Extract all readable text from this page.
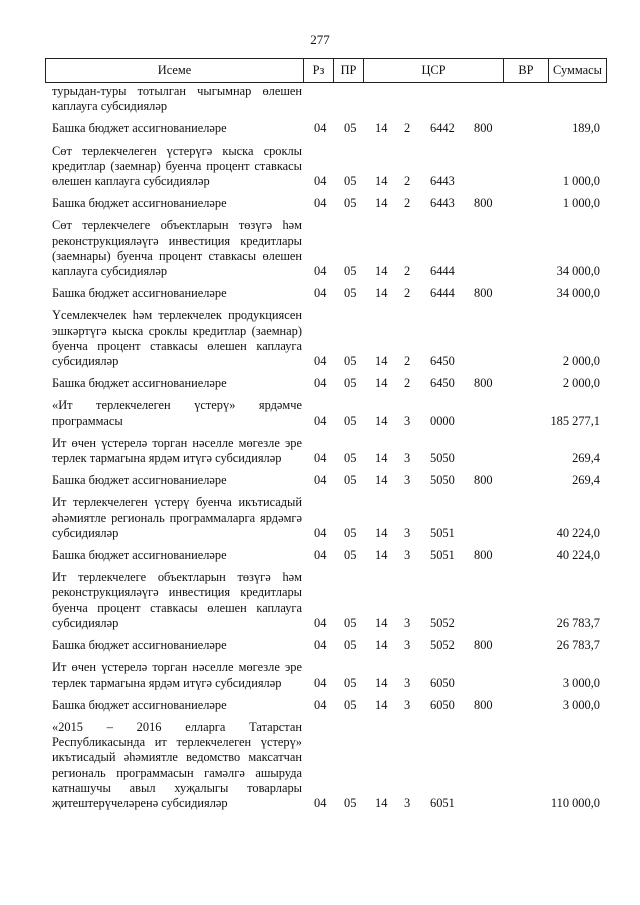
277
Исеме	Рз	ПР	ЦСР	ВР	Суммасы
турыдан-туры тотылган чыгымнар өлешен каплауга субсидияләр
Башка бюджет ассигнованиеләре	04 05 14 2 6442 800	189,0
Сөт терлекчелеген үстерүгә кыска сроклы кредитлар (заемнар) буенча процент ставкасы өлешен каплауга субсидияләр	04 05 14 2 6443	1 000,0
Башка бюджет ассигнованиеләре	04 05 14 2 6443 800	1 000,0
Сөт терлекчелеге объектларын төзүгә һәм реконструкцияләүгә инвестиция кредитлары (заемнары) буенча процент ставкасы өлешен каплауга субсидияләр	04 05 14 2 6444	34 000,0
Башка бюджет ассигнованиеләре	04 05 14 2 6444 800	34 000,0
Үсемлекчелек һәм терлекчелек продукциясен эшкәртүгә кыска сроклы кредитлар (заемнар) буенча процент ставкасы өлешен каплауга субсидияләр	04 05 14 2 6450	2 000,0
Башка бюджет ассигнованиеләре	04 05 14 2 6450 800	2 000,0
«Ит терлекчелеген үстерү» ярдәмче программасы	04 05 14 3 0000	185 277,1
Ит өчен үстерелә торган нәселле мөгезле эре терлек тармагына ярдәм итүгә субсидияләр	04 05 14 3 5050	269,4
Башка бюджет ассигнованиеләре	04 05 14 3 5050 800	269,4
Ит терлекчелеген үстерү буенча икътисадый әһәмиятле региональ программаларга ярдәмгә субсидияләр	04 05 14 3 5051	40 224,0
Башка бюджет ассигнованиеләре	04 05 14 3 5051 800	40 224,0
Ит терлекчелеге объектларын төзүгә һәм реконструкцияләүгә инвестиция кредитлары буенча процент ставкасы өлешен каплауга субсидияләр	04 05 14 3 5052	26 783,7
Башка бюджет ассигнованиеләре	04 05 14 3 5052 800	26 783,7
Ит өчен үстерелә торган нәселле мөгезле эре терлек тармагына ярдәм итүгә субсидияләр	04 05 14 3 6050	3 000,0
Башка бюджет ассигнованиеләре	04 05 14 3 6050 800	3 000,0
«2015 – 2016 елларга Татарстан Республикасында ит терлекчелеген үстерү» икътисадый әһәмиятле ведомство максатчан региональ программасын гамәлгә ашыруда катнашучы авыл хуҗалыгы товарлары җитештерүчеләренә субсидияләр	04 05 14 3 6051	110 000,0
